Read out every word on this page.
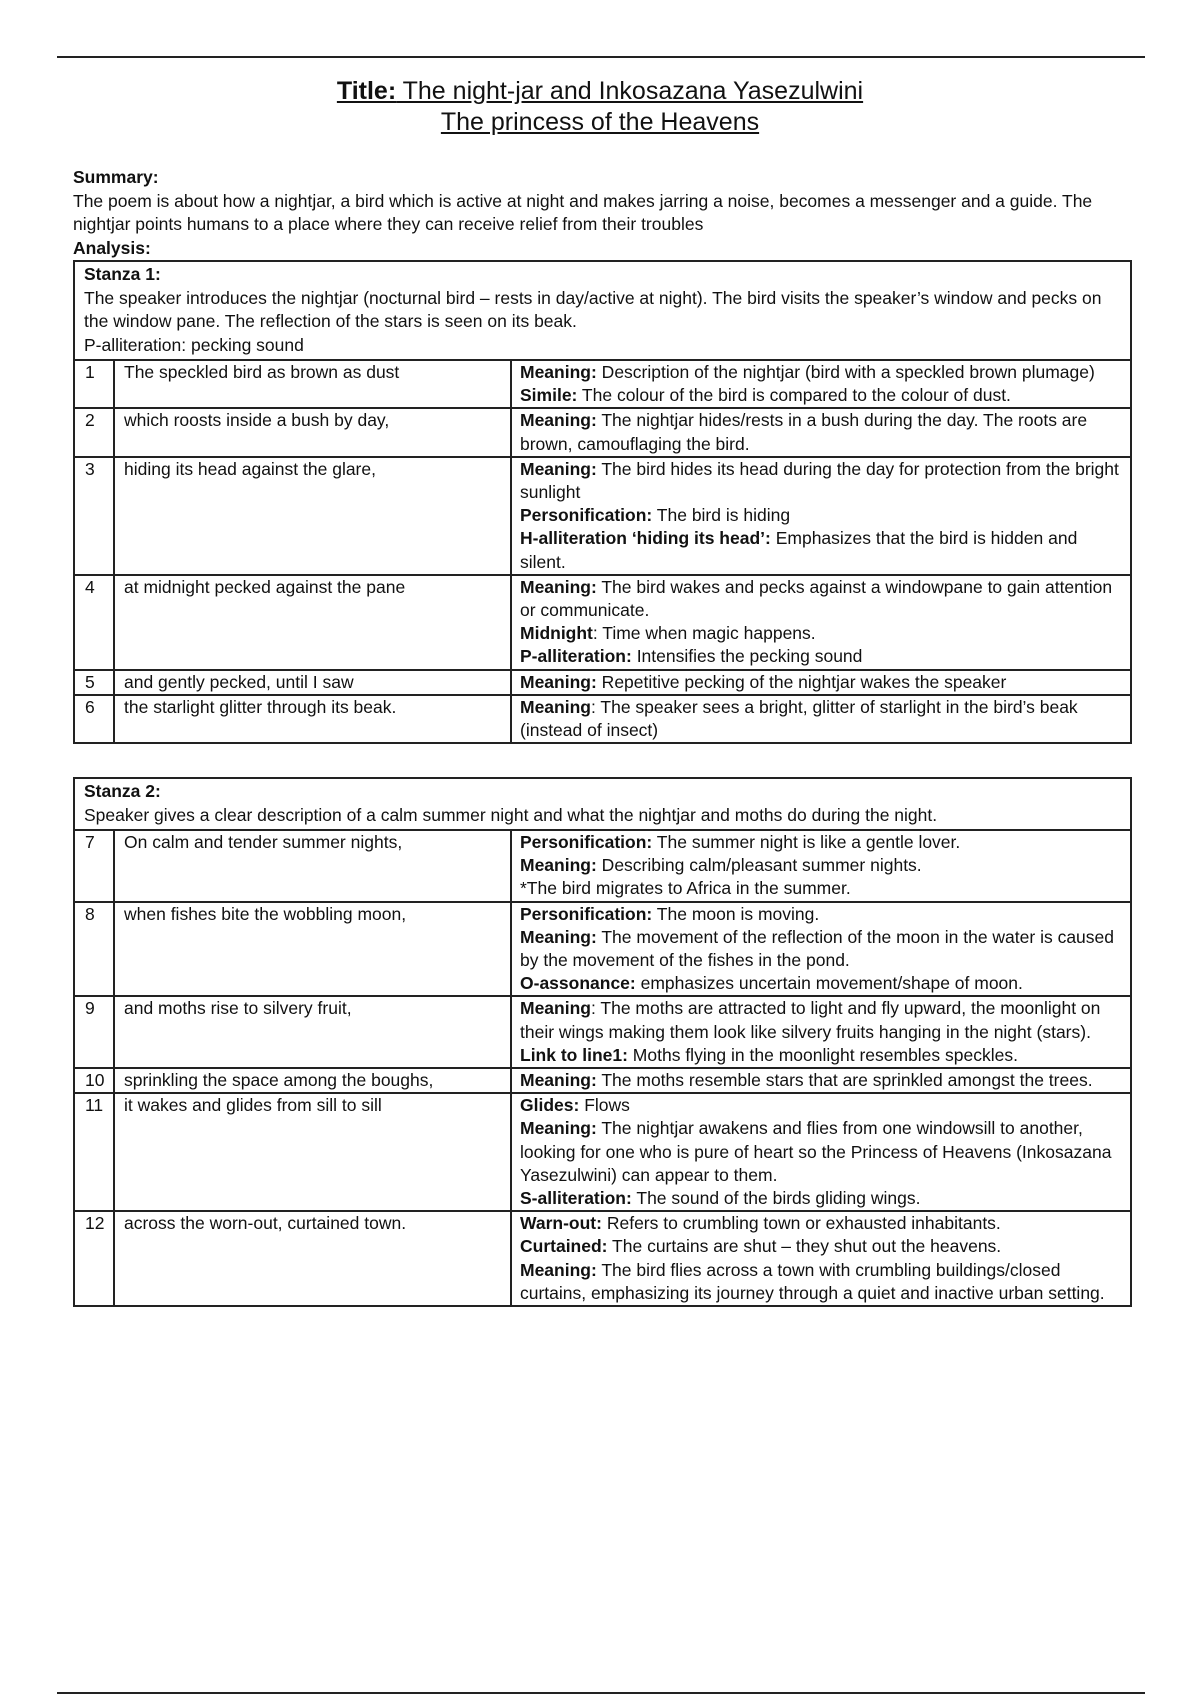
Title: The night-jar and Inkosazana Yasezulwini
The princess of the Heavens
Summary:
The poem is about how a nightjar, a bird which is active at night and makes jarring a noise, becomes a messenger and a guide. The nightjar points humans to a place where they can receive relief from their troubles
Analysis:
Stanza 1:
The speaker introduces the nightjar (nocturnal bird – rests in day/active at night). The bird visits the speaker’s window and pecks on the window pane. The reflection of the stars is seen on its beak.
P-alliteration: pecking sound
1	The speckled bird as brown as dust	Meaning: Description of the nightjar (bird with a speckled brown plumage)
Simile: The colour of the bird is compared to the colour of dust.

2	which roosts inside a bush by day,	Meaning: The nightjar hides/rests in a bush during the day. The roots are brown, camouflaging the bird.

3	hiding its head against the glare,	Meaning: The bird hides its head during the day for protection from the bright sunlight
Personification: The bird is hiding
H-alliteration ‘hiding its head’: Emphasizes that the bird is hidden and silent.

4	at midnight pecked against the pane	Meaning: The bird wakes and pecks against a windowpane to gain attention or communicate.
Midnight: Time when magic happens.
P-alliteration: Intensifies the pecking sound

5	and gently pecked, until I saw	Meaning: Repetitive pecking of the nightjar wakes the speaker

6	the starlight glitter through its beak.	Meaning: The speaker sees a bright, glitter of starlight in the bird’s beak (instead of insect)
Stanza 2:
Speaker gives a clear description of a calm summer night and what the nightjar and moths do during the night.
7	On calm and tender summer nights,	Personification: The summer night is like a gentle lover.
Meaning: Describing calm/pleasant summer nights.
*The bird migrates to Africa in the summer.

8	when fishes bite the wobbling moon,	Personification: The moon is moving.
Meaning: The movement of the reflection of the moon in the water is caused by the movement of the fishes in the pond.
O-assonance: emphasizes uncertain movement/shape of moon.

9	and moths rise to silvery fruit,	Meaning: The moths are attracted to light and fly upward, the moonlight on their wings making them look like silvery fruits hanging in the night (stars).
Link to line1: Moths flying in the moonlight resembles speckles.

10	sprinkling the space among the boughs,	Meaning: The moths resemble stars that are sprinkled amongst the trees.

11	it wakes and glides from sill to sill	Glides: Flows
Meaning: The nightjar awakens and flies from one windowsill to another, looking for one who is pure of heart so the Princess of Heavens (Inkosazana Yasezulwini) can appear to them.
S-alliteration: The sound of the birds gliding wings.

12	across the worn-out, curtained town.	Warn-out: Refers to crumbling town or exhausted inhabitants.
Curtained: The curtains are shut – they shut out the heavens.
Meaning: The bird flies across a town with crumbling buildings/closed curtains, emphasizing its journey through a quiet and inactive urban setting.
